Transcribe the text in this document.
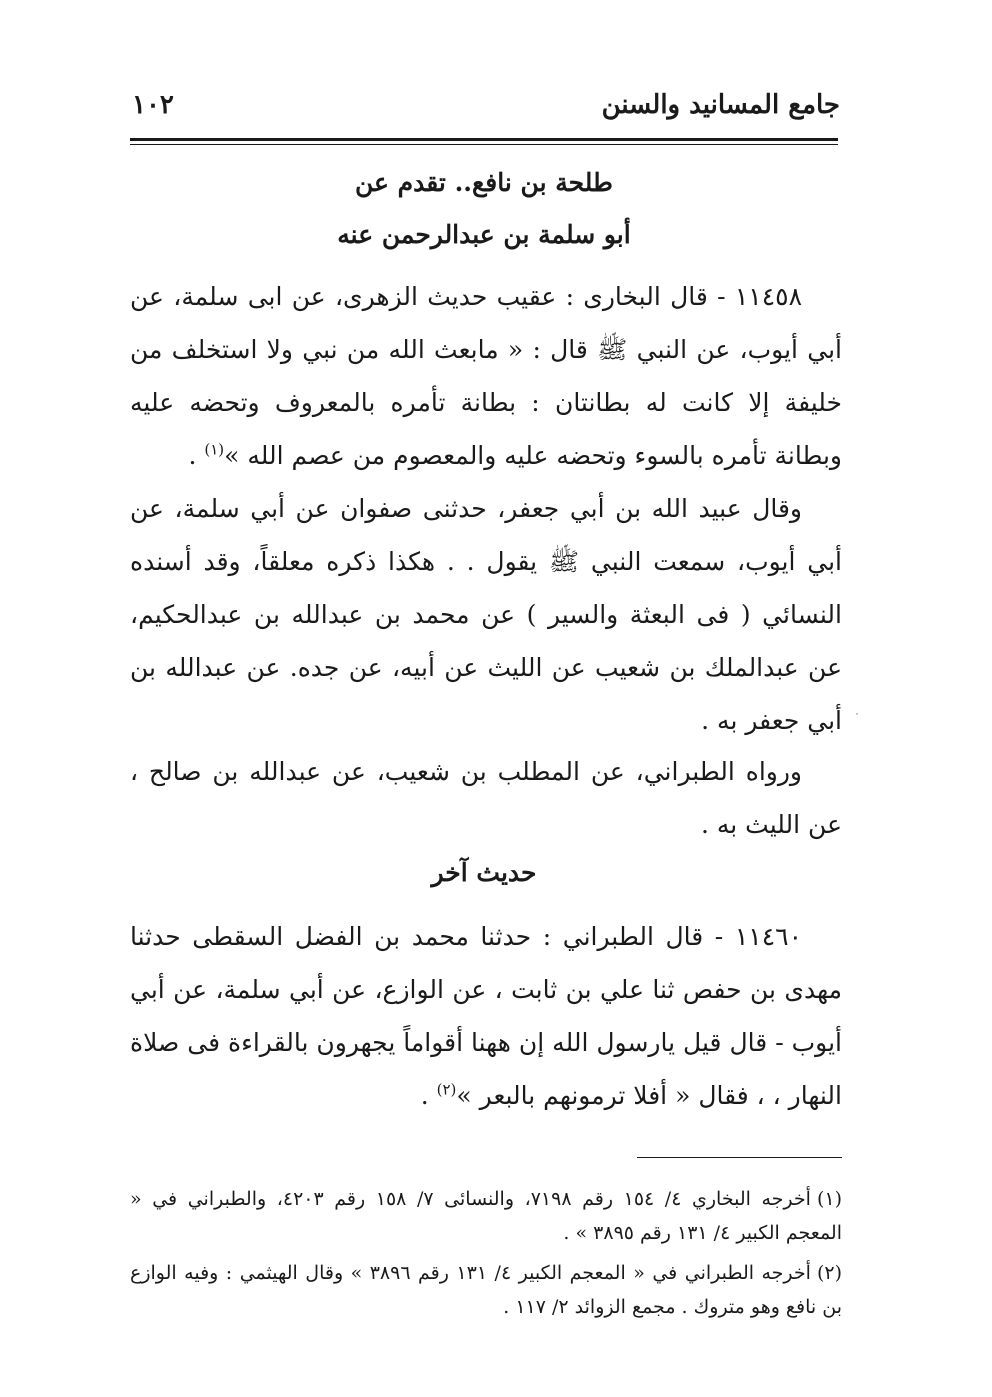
جامع المسانيد والسنن
١٠٢
طلحة بن نافع.. تقدم عن
أبو سلمة بن عبدالرحمن عنه

١١٤٥٨ - قال البخارى : عقيب حديث الزهرى، عن ابى سلمة، عن أبي أيوب، عن النبي ﷺ قال : « مابعث الله من نبي ولا استخلف من خليفة إلا كانت له بطانتان : بطانة تأمره بالمعروف وتحضه عليه وبطانة تأمره بالسوء وتحضه عليه والمعصوم من عصم الله »$^{(١)}$ .

وقال عبيد الله بن أبي جعفر، حدثنى صفوان عن أبي سلمة، عن أبي أيوب، سمعت النبي ﷺ يقول . . هكذا ذكره معلقاً، وقد أسنده النسائي ( فى البعثة والسير ) عن محمد بن عبدالله بن عبدالحكيم، عن عبدالملك بن شعيب عن الليث عن أبيه، عن جده. عن عبدالله بن أبي جعفر به . ˙

ورواه الطبراني، عن المطلب بن شعيب، عن عبدالله بن صالح ، عن الليث به .

حديث آخر

١١٤٦٠ - قال الطبراني : حدثنا محمد بن الفضل السقطى حدثنا مهدى بن حفص ثنا علي بن ثابت ، عن الوازع، عن أبي سلمة، عن أبي أيوب - قال قيل يارسول الله إن ههنا أقواماً يجهرون بالقراءة فى صلاة النهار ، ، فقال « أفلا ترمونهم بالبعر »$^{(٢)}$ .

(١)أخرجه البخاري ٤/ ١٥٤ رقم ٧١٩٨، والنسائى ٧/ ١٥٨ رقم ٤٢٠٣، والطبراني في « المعجم الكبير ٤/ ١٣١ رقم ٣٨٩٥ » .

(٢)أخرجه الطبراني في « المعجم الكبير ٤/ ١٣١ رقم ٣٨٩٦ » وقال الهيثمي : وفيه الوازع بن نافع وهو متروك . مجمع الزوائد ٢/ ١١٧ .
